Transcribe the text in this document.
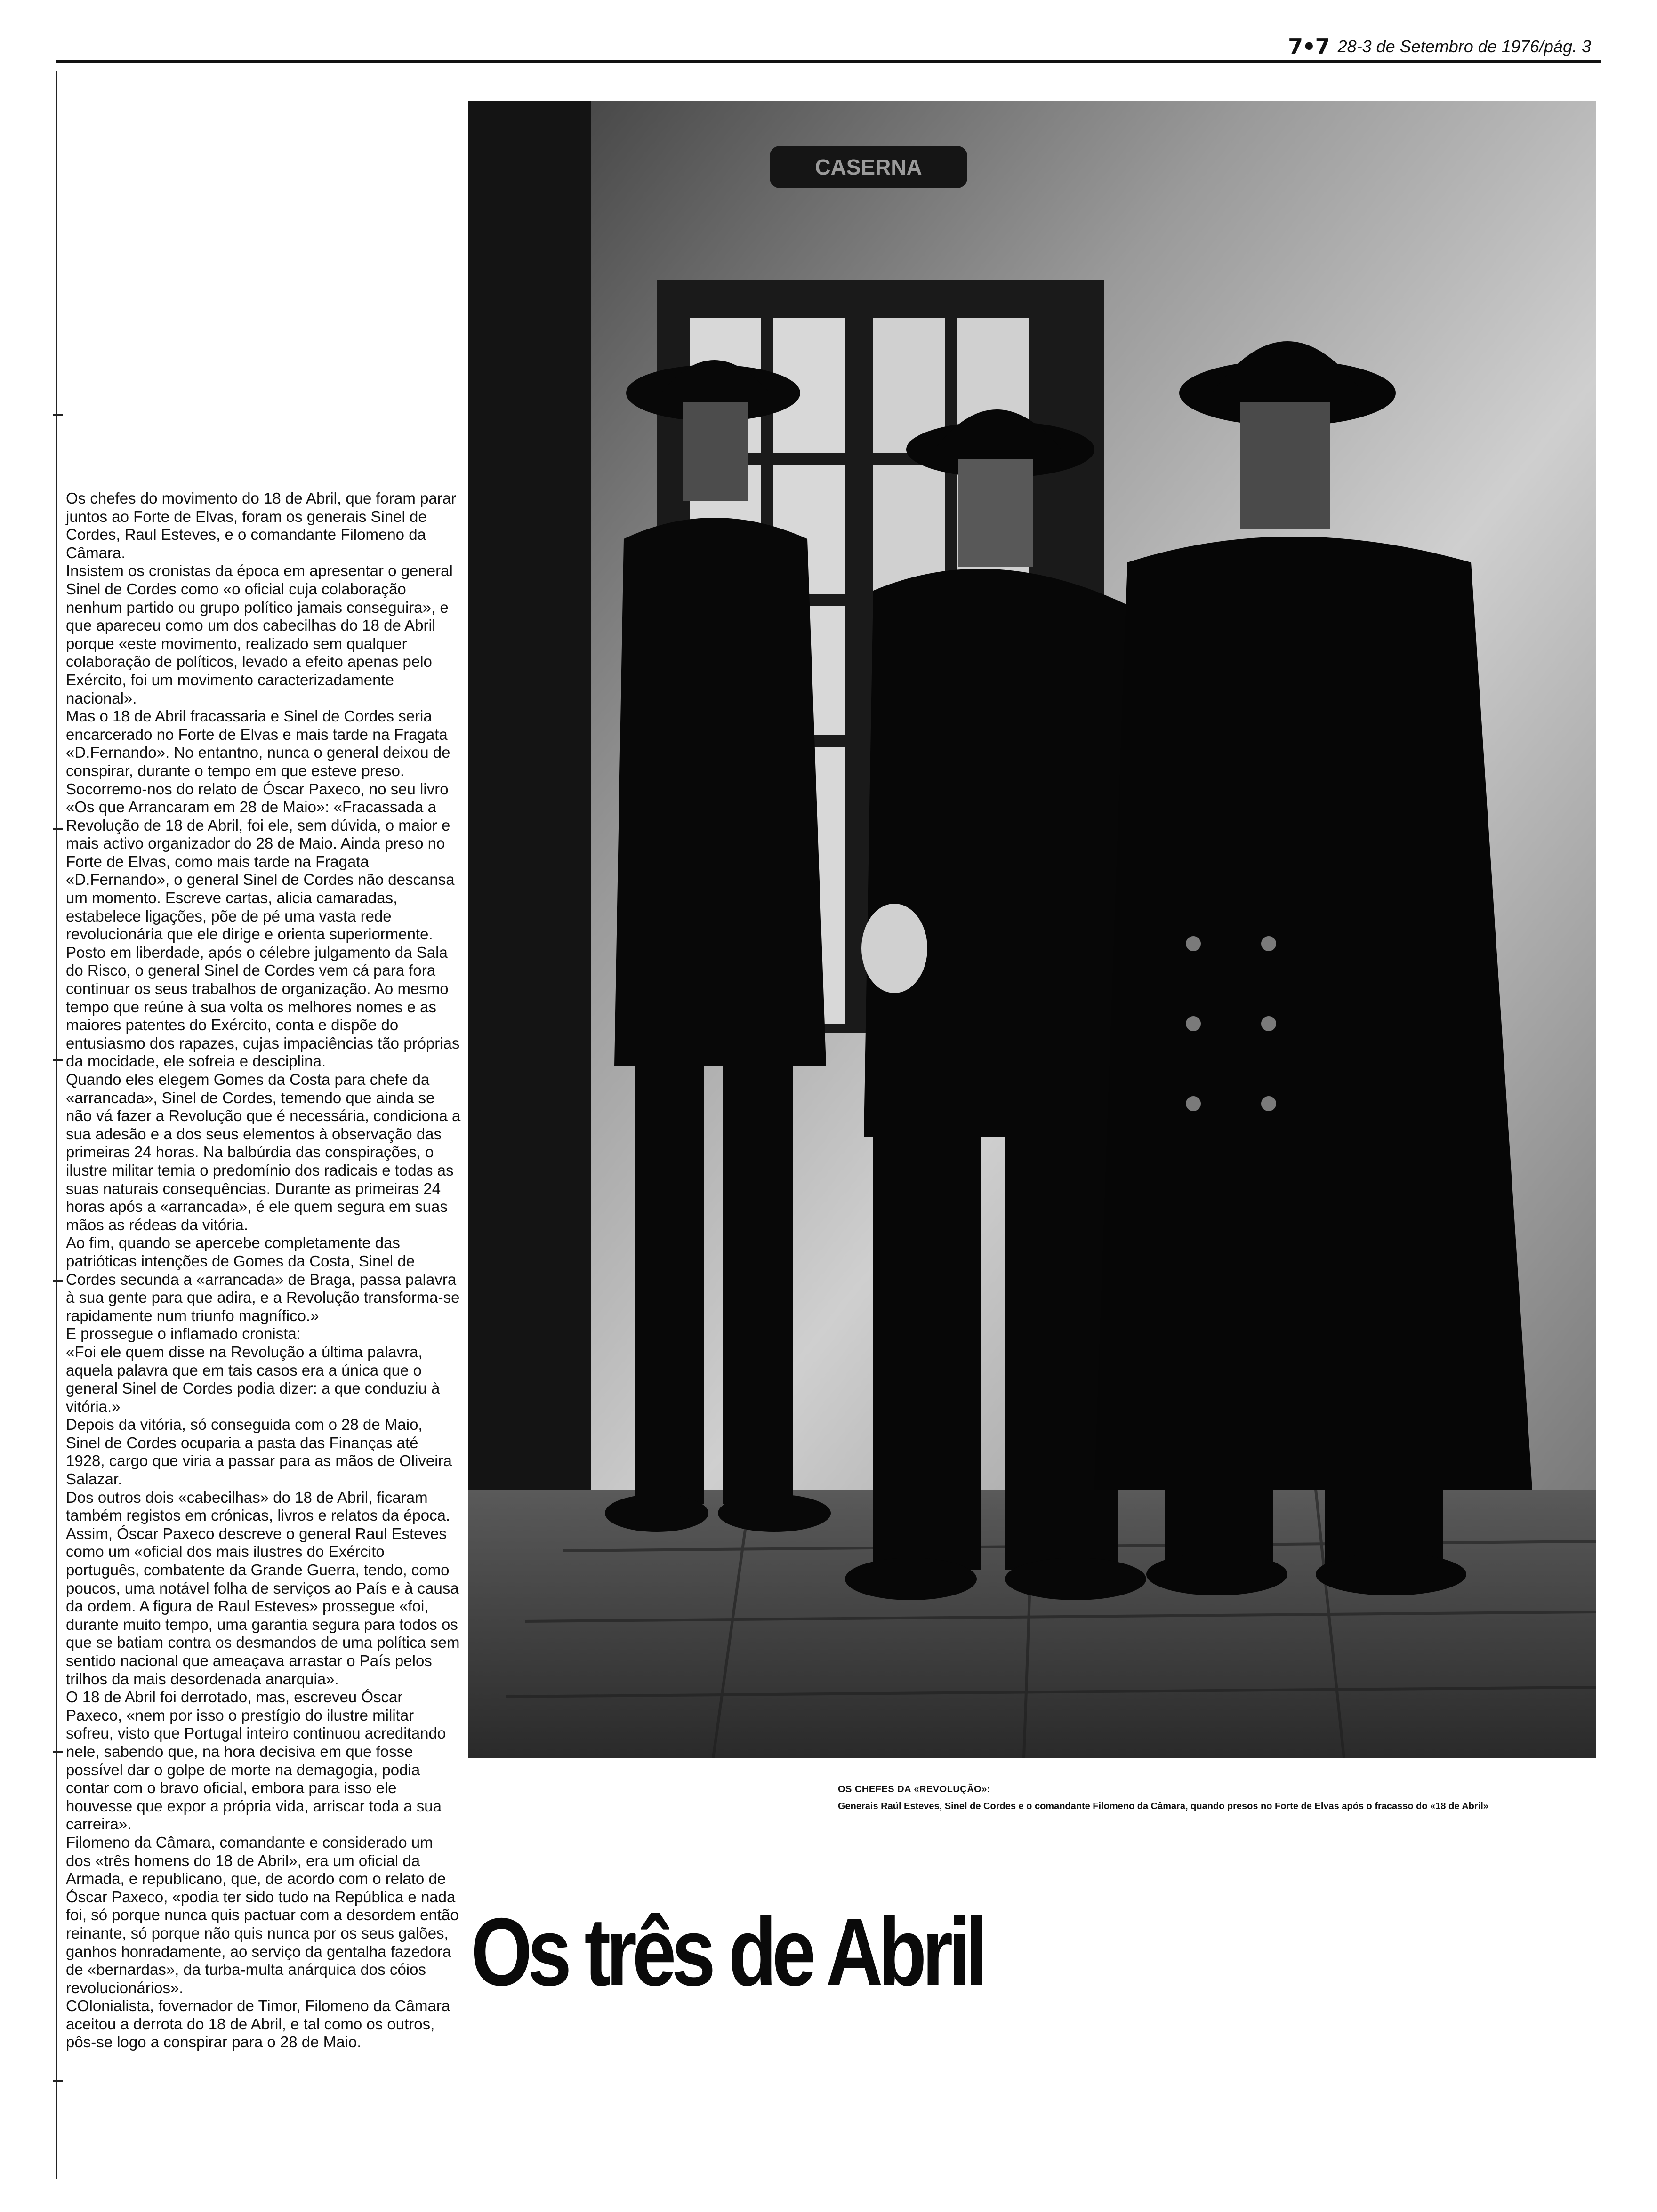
7•7 28-3 de Setembro de 1976/pág. 3

Os chefes do movimento do 18 de Abril, que foram parar juntos ao Forte de Elvas, foram os generais Sinel de Cordes, Raul Esteves, e o comandante Filomeno da Câmara.

Insistem os cronistas da época em apresentar o general Sinel de Cordes como «o oficial cuja colaboração nenhum partido ou grupo político jamais conseguira», e que apareceu como um dos cabecilhas do 18 de Abril porque «este movimento, realizado sem qualquer colaboração de políticos, levado a efeito apenas pelo Exército, foi um movimento caracterizadamente nacional».

Mas o 18 de Abril fracassaria e Sinel de Cordes seria encarcerado no Forte de Elvas e mais tarde na Fragata «D.Fernando». No entantno, nunca o general deixou de conspirar, durante o tempo em que esteve preso.

Socorremo-nos do relato de Óscar Paxeco, no seu livro «Os que Arrancaram em 28 de Maio»: «Fracassada a Revolução de 18 de Abril, foi ele, sem dúvida, o maior e mais activo organizador do 28 de Maio. Ainda preso no Forte de Elvas, como mais tarde na Fragata «D.Fernando», o general Sinel de Cordes não descansa um momento. Escreve cartas, alicia camaradas, estabelece ligações, põe de pé uma vasta rede revolucionária que ele dirige e orienta superiormente.

Posto em liberdade, após o célebre julgamento da Sala do Risco, o general Sinel de Cordes vem cá para fora continuar os seus trabalhos de organização. Ao mesmo tempo que reúne à sua volta os melhores nomes e as maiores patentes do Exército, conta e dispõe do entusiasmo dos rapazes, cujas impaciências tão próprias da mocidade, ele sofreia e desciplina.

Quando eles elegem Gomes da Costa para chefe da «arrancada», Sinel de Cordes, temendo que ainda se não vá fazer a Revolução que é necessária, condiciona a sua adesão e a dos seus elementos à observação das primeiras 24 horas. Na balbúrdia das conspirações, o ilustre militar temia o predomínio dos radicais e todas as suas naturais consequências. Durante as primeiras 24 horas após a «arrancada», é ele quem segura em suas mãos as rédeas da vitória.

Ao fim, quando se apercebe completamente das patrióticas intenções de Gomes da Costa, Sinel de Cordes secunda a «arrancada» de Braga, passa palavra à sua gente para que adira, e a Revolução transforma-se rapidamente num triunfo magnífico.»

E prossegue o inflamado cronista:

«Foi ele quem disse na Revolução a última palavra, aquela palavra que em tais casos era a única que o general Sinel de Cordes podia dizer: a que conduziu à vitória.»

Depois da vitória, só conseguida com o 28 de Maio, Sinel de Cordes ocuparia a pasta das Finanças até 1928, cargo que viria a passar para as mãos de Oliveira Salazar.

Dos outros dois «cabecilhas» do 18 de Abril, ficaram também registos em crónicas, livros e relatos da época. Assim, Óscar Paxeco descreve o general Raul Esteves como um «oficial dos mais ilustres do Exército português, combatente da Grande Guerra, tendo, como poucos, uma notável folha de serviços ao País e à causa da ordem. A figura de Raul Esteves» prossegue «foi, durante muito tempo, uma garantia segura para todos os que se batiam contra os desmandos de uma política sem sentido nacional que ameaçava arrastar o País pelos trilhos da mais desordenada anarquia».

O 18 de Abril foi derrotado, mas, escreveu Óscar Paxeco, «nem por isso o prestígio do ilustre militar sofreu, visto que Portugal inteiro continuou acreditando nele, sabendo que, na hora decisiva em que fosse possível dar o golpe de morte na demagogia, podia contar com o bravo oficial, embora para isso ele houvesse que expor a própria vida, arriscar toda a sua carreira».

Filomeno da Câmara, comandante e considerado um dos «três homens do 18 de Abril», era um oficial da Armada, e republicano, que, de acordo com o relato de Óscar Paxeco, «podia ter sido tudo na República e nada foi, só porque nunca quis pactuar com a desordem então reinante, só porque não quis nunca por os seus galões, ganhos honradamente, ao serviço da gentalha fazedora de «bernardas», da turba-multa anárquica dos cóios revolucionários».

COlonialista, fovernador de Timor, Filomeno da Câmara aceitou a derrota do 18 de Abril, e tal como os outros, pôs-se logo a conspirar para o 28 de Maio.

CASERNA
OS CHEFES DA «REVOLUÇÃO»:
Generais Raúl Esteves, Sinel de Cordes e o comandante Filomeno da Câmara, quando presos no Forte de Elvas após o fracasso do «18 de Abril»
Os três de Abril
